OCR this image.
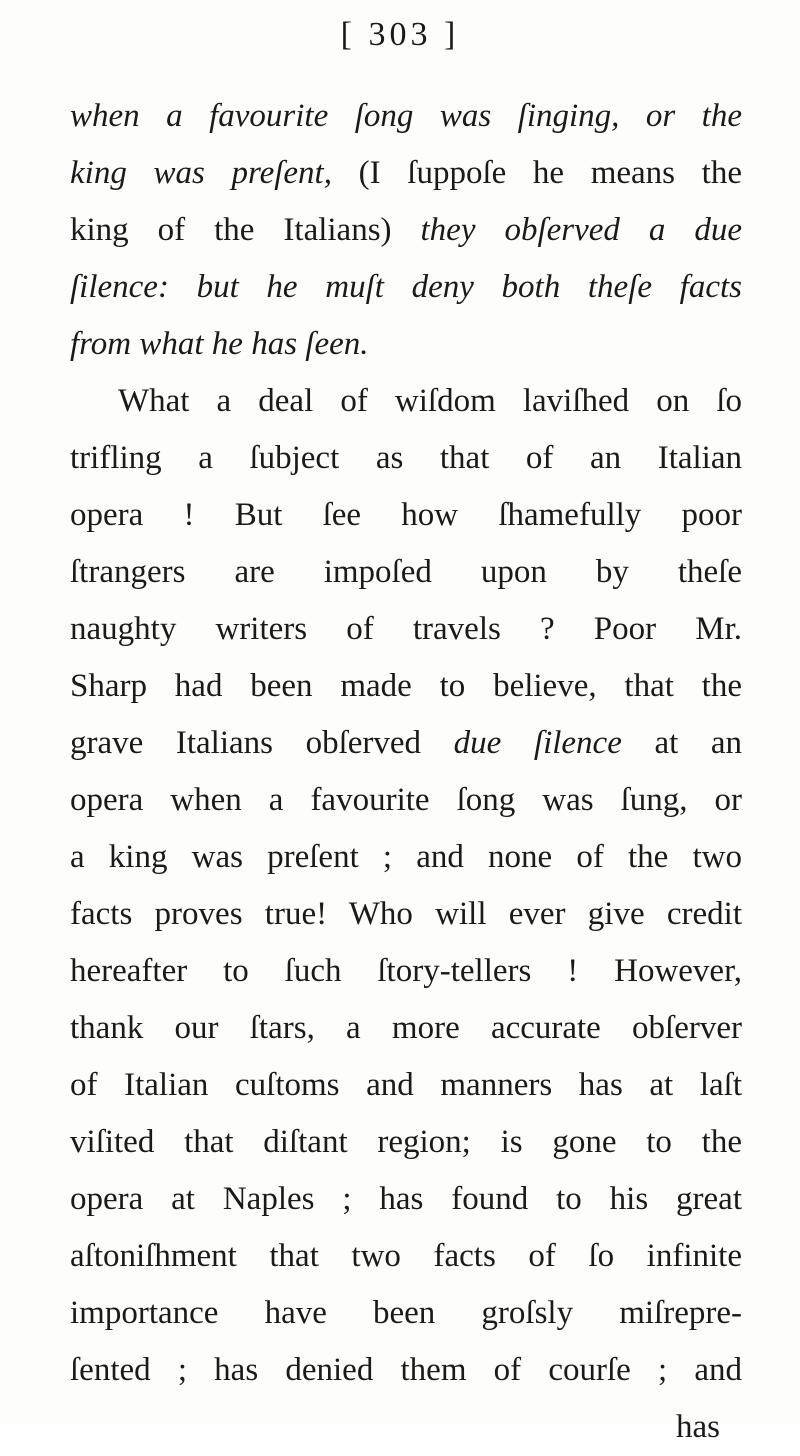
[ 303 ]
when a favourite ſong was ſinging, or the
king was preſent, (I ſuppoſe he means the
king of the Italians) they obſerved a due
ſilence: but he muſt deny both theſe facts
from what he has ſeen.
What a deal of wiſdom laviſhed on ſo
trifling a ſubject as that of an Italian
opera ! But ſee how ſhamefully poor
ſtrangers are impoſed upon by theſe
naughty writers of travels ? Poor Mr.
Sharp had been made to believe, that the
grave Italians obſerved due ſilence at an
opera when a favourite ſong was ſung, or
a king was preſent ; and none of the two
facts proves true! Who will ever give credit
hereafter to ſuch ſtory-tellers ! However,
thank our ſtars, a more accurate obſerver
of Italian cuſtoms and manners has at laſt
viſited that diſtant region; is gone to the
opera at Naples ; has found to his great
aſtoniſhment that two facts of ſo infinite
importance have been groſsly miſrepre-
ſented ; has denied them of courſe ; and
has
